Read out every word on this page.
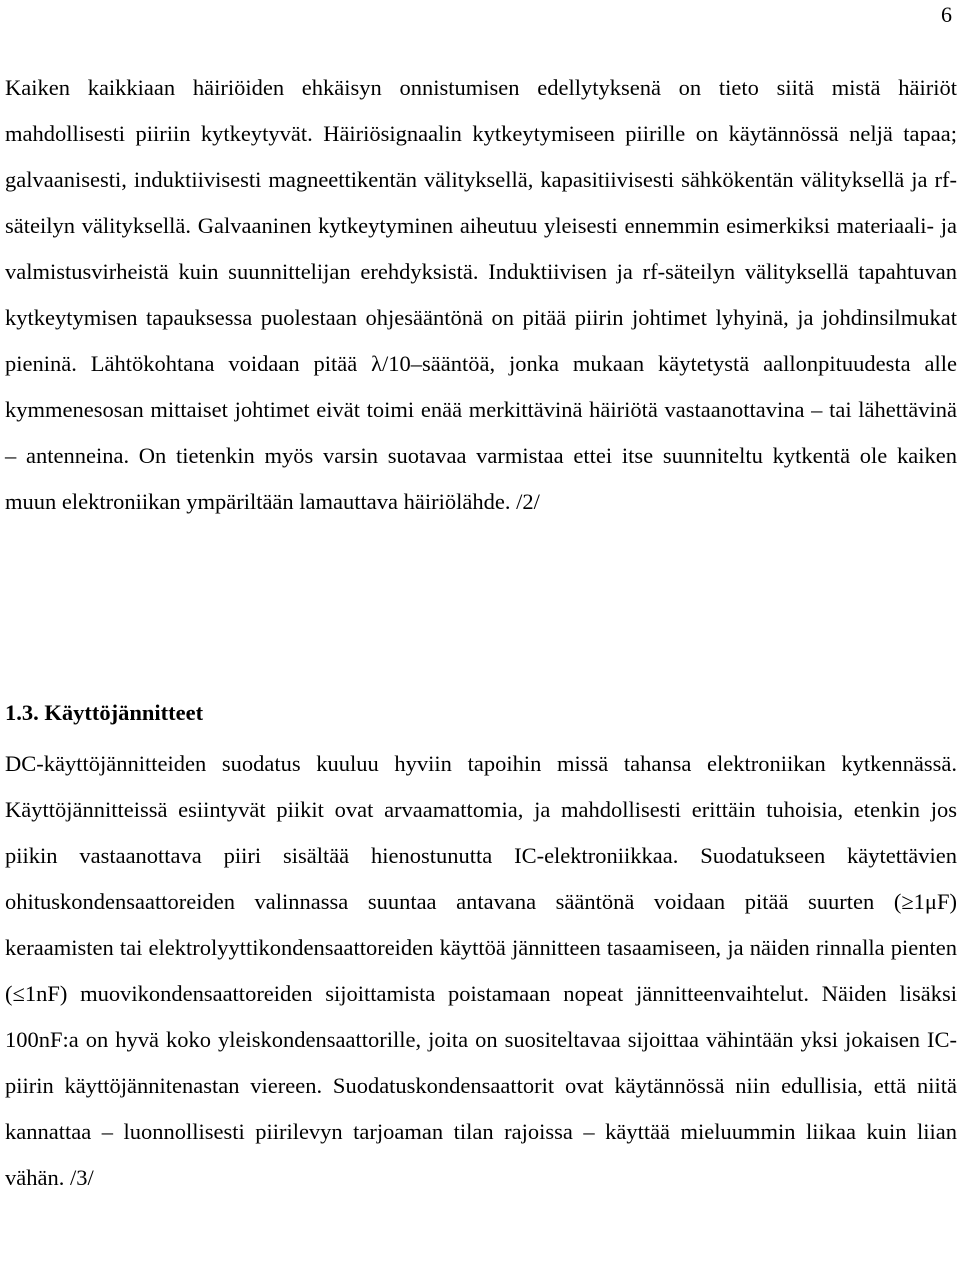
6

Kaiken kaikkiaan häiriöiden ehkäisyn onnistumisen edellytyksenä on tieto siitä mistä häiriöt mahdollisesti piiriin kytkeytyvät. Häiriösignaalin kytkeytymiseen piirille on käytännössä neljä tapaa; galvaanisesti, induktiivisesti magneettikentän välityksellä, kapasitiivisesti sähkökentän välityksellä ja rf-säteilyn välityksellä. Galvaaninen kytkeytyminen aiheutuu yleisesti ennemmin esimerkiksi materiaali- ja valmistusvirheistä kuin suunnittelijan erehdyksistä. Induktiivisen ja rf-säteilyn välityksellä tapahtuvan kytkeytymisen tapauksessa puolestaan ohjesääntönä on pitää piirin johtimet lyhyinä, ja johdinsilmukat pieninä. Lähtökohtana voidaan pitää λ/10–sääntöä, jonka mukaan käytetystä aallonpituudesta alle kymmenesosan mittaiset johtimet eivät toimi enää merkittävinä häiriötä vastaanottavina – tai lähettävinä – antenneina. On tietenkin myös varsin suotavaa varmistaa ettei itse suunniteltu kytkentä ole kaiken muun elektroniikan ympäriltään lamauttava häiriölähde. /2/

1.3. Käyttöjännitteet

DC-käyttöjännitteiden suodatus kuuluu hyviin tapoihin missä tahansa elektroniikan kytkennässä. Käyttöjännitteissä esiintyvät piikit ovat arvaamattomia, ja mahdollisesti erittäin tuhoisia, etenkin jos piikin vastaanottava piiri sisältää hienostunutta IC-elektroniikkaa. Suodatukseen käytettävien ohituskondensaattoreiden valinnassa suuntaa antavana sääntönä voidaan pitää suurten (≥1μF) keraamisten tai elektrolyyttikondensaattoreiden käyttöä jännitteen tasaamiseen, ja näiden rinnalla pienten (≤1nF) muovikondensaattoreiden sijoittamista poistamaan nopeat jännitteenvaihtelut. Näiden lisäksi 100nF:a on hyvä koko yleiskondensaattorille, joita on suositeltavaa sijoittaa vähintään yksi jokaisen IC-piirin käyttöjännitenastan viereen. Suodatuskondensaattorit ovat käytännössä niin edullisia, että niitä kannattaa – luonnollisesti piirilevyn tarjoaman tilan rajoissa – käyttää mieluummin liikaa kuin liian vähän. /3/
